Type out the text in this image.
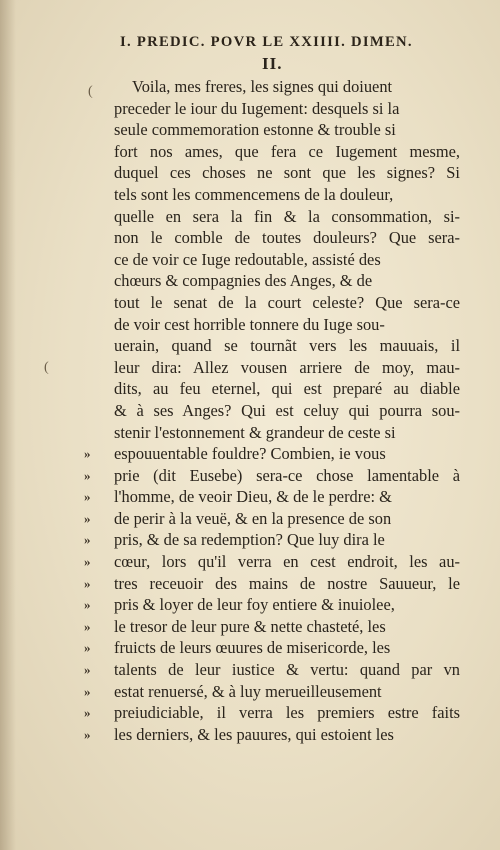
I. PREDIC. POVR LE XXIIII. DIMEN.
II.
(
(
Voila, mes freres, les signes qui doiuent
preceder le iour du Iugement: desquels si la
seule commemoration estonne & trouble si
fort nos ames, que fera ce Iugement mesme,
duquel ces choses ne sont que les signes? Si
tels sont les commencemens de la douleur,
quelle en sera la fin & la consommation, si-
non le comble de toutes douleurs? Que sera-
ce de voir ce Iuge redoutable, assisté des
chœurs & compagnies des Anges, & de
tout le senat de la court celeste? Que sera-ce
de voir cest horrible tonnere du Iuge sou-
uerain, quand se tournãt vers les mauuais, il
leur dira: Allez vousen arriere de moy, mau-
dits, au feu eternel, qui est preparé au diable
& à ses Anges? Qui est celuy qui pourra sou-
stenir l'estonnement & grandeur de ceste si
»	espouuentable fouldre? Combien, ie vous
»	prie (dit Eusebe) sera-ce chose lamentable à
»	l'homme, de veoir Dieu, & de le perdre: &
»	de perir à la veuë, & en la presence de son
»	pris, & de sa redemption? Que luy dira le
»	cœur, lors qu'il verra en cest endroit, les au-
»	tres receuoir des mains de nostre Sauueur, le
»	pris & loyer de leur foy entiere & inuiolee,
»	le tresor de leur pure & nette chasteté, les
»	fruicts de leurs œuures de misericorde, les
»	talents de leur iustice & vertu: quand par vn
»	estat renuersé, & à luy merueilleusement
»	preiudiciable, il verra les premiers estre faits
»	les derniers, & les pauures, qui estoient les
